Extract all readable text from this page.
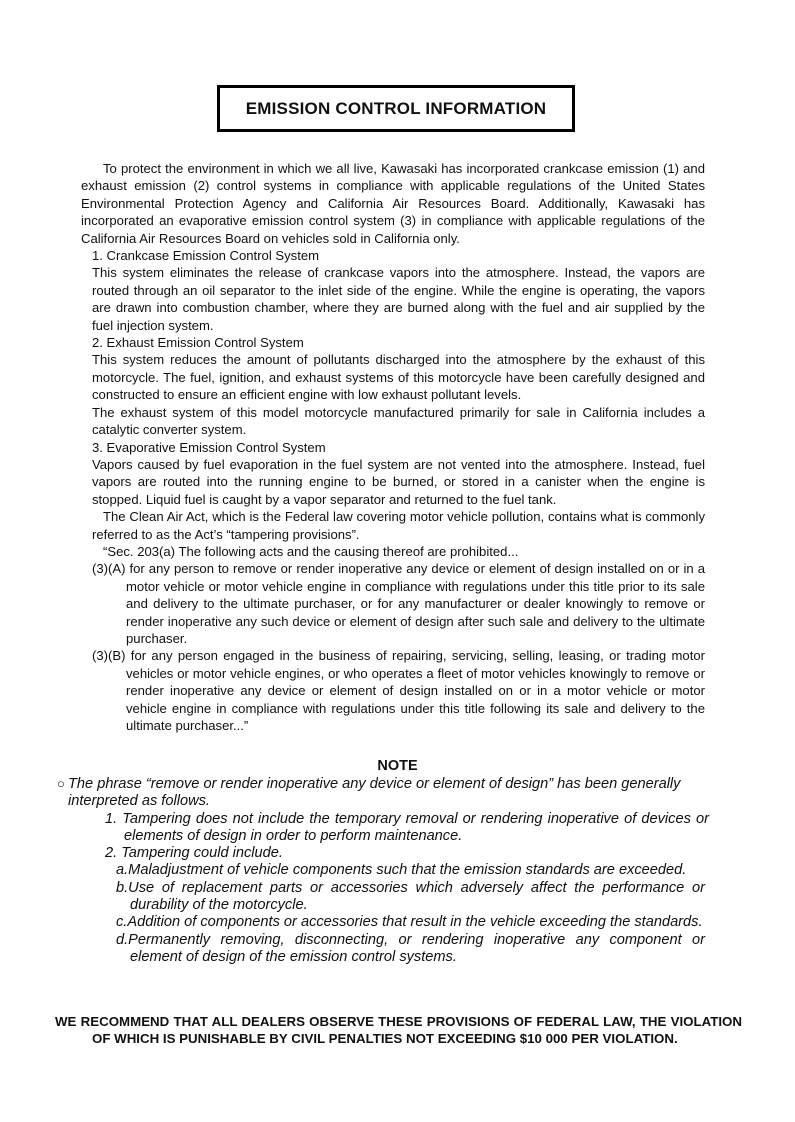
EMISSION CONTROL INFORMATION

To protect the environment in which we all live, Kawasaki has incorporated crankcase emission (1) and exhaust emission (2) control systems in compliance with applicable regulations of the United States Environmental Protection Agency and California Air Resources Board. Additionally, Kawasaki has incorporated an evaporative emission control system (3) in compliance with applicable regulations of the California Air Resources Board on vehicles sold in California only.

1. Crankcase Emission Control System

This system eliminates the release of crankcase vapors into the atmosphere. Instead, the vapors are routed through an oil separator to the inlet side of the engine. While the engine is operating, the vapors are drawn into combustion chamber, where they are burned along with the fuel and air supplied by the fuel injection system.

2. Exhaust Emission Control System

This system reduces the amount of pollutants discharged into the atmosphere by the exhaust of this motorcycle. The fuel, ignition, and exhaust systems of this motorcycle have been carefully designed and constructed to ensure an efficient engine with low exhaust pollutant levels.

The exhaust system of this model motorcycle manufactured primarily for sale in California includes a catalytic converter system.

3. Evaporative Emission Control System

Vapors caused by fuel evaporation in the fuel system are not vented into the atmosphere. Instead, fuel vapors are routed into the running engine to be burned, or stored in a canister when the engine is stopped. Liquid fuel is caught by a vapor separator and returned to the fuel tank.

The Clean Air Act, which is the Federal law covering motor vehicle pollution, contains what is commonly referred to as the Act’s “tampering provisions”.

“Sec. 203(a) The following acts and the causing thereof are prohibited...

(3)(A) for any person to remove or render inoperative any device or element of design installed on or in a motor vehicle or motor vehicle engine in compliance with regulations under this title prior to its sale and delivery to the ultimate purchaser, or for any manufacturer or dealer knowingly to remove or render inoperative any such device or element of design after such sale and delivery to the ultimate purchaser.

(3)(B) for any person engaged in the business of repairing, servicing, selling, leasing, or trading motor vehicles or motor vehicle engines, or who operates a fleet of motor vehicles knowingly to remove or render inoperative any device or element of design installed on or in a motor vehicle or motor vehicle engine in compliance with regulations under this title following its sale and delivery to the ultimate purchaser...”

NOTE

○ The phrase “remove or render inoperative any device or element of design” has been generally interpreted as follows.

1. Tampering does not include the temporary removal or rendering inoperative of devices or elements of design in order to perform maintenance.

2. Tampering could include.

a.Maladjustment of vehicle components such that the emission standards are exceeded.

b.Use of replacement parts or accessories which adversely affect the performance or durability of the motorcycle.

c.Addition of components or accessories that result in the vehicle exceeding the standards.

d.Permanently removing, disconnecting, or rendering inoperative any component or element of design of the emission control systems.

WE RECOMMEND THAT ALL DEALERS OBSERVE THESE PROVISIONS OF FEDERAL LAW, THE VIOLATION OF WHICH IS PUNISHABLE BY CIVIL PENALTIES NOT EXCEEDING $10 000 PER VIOLATION.
